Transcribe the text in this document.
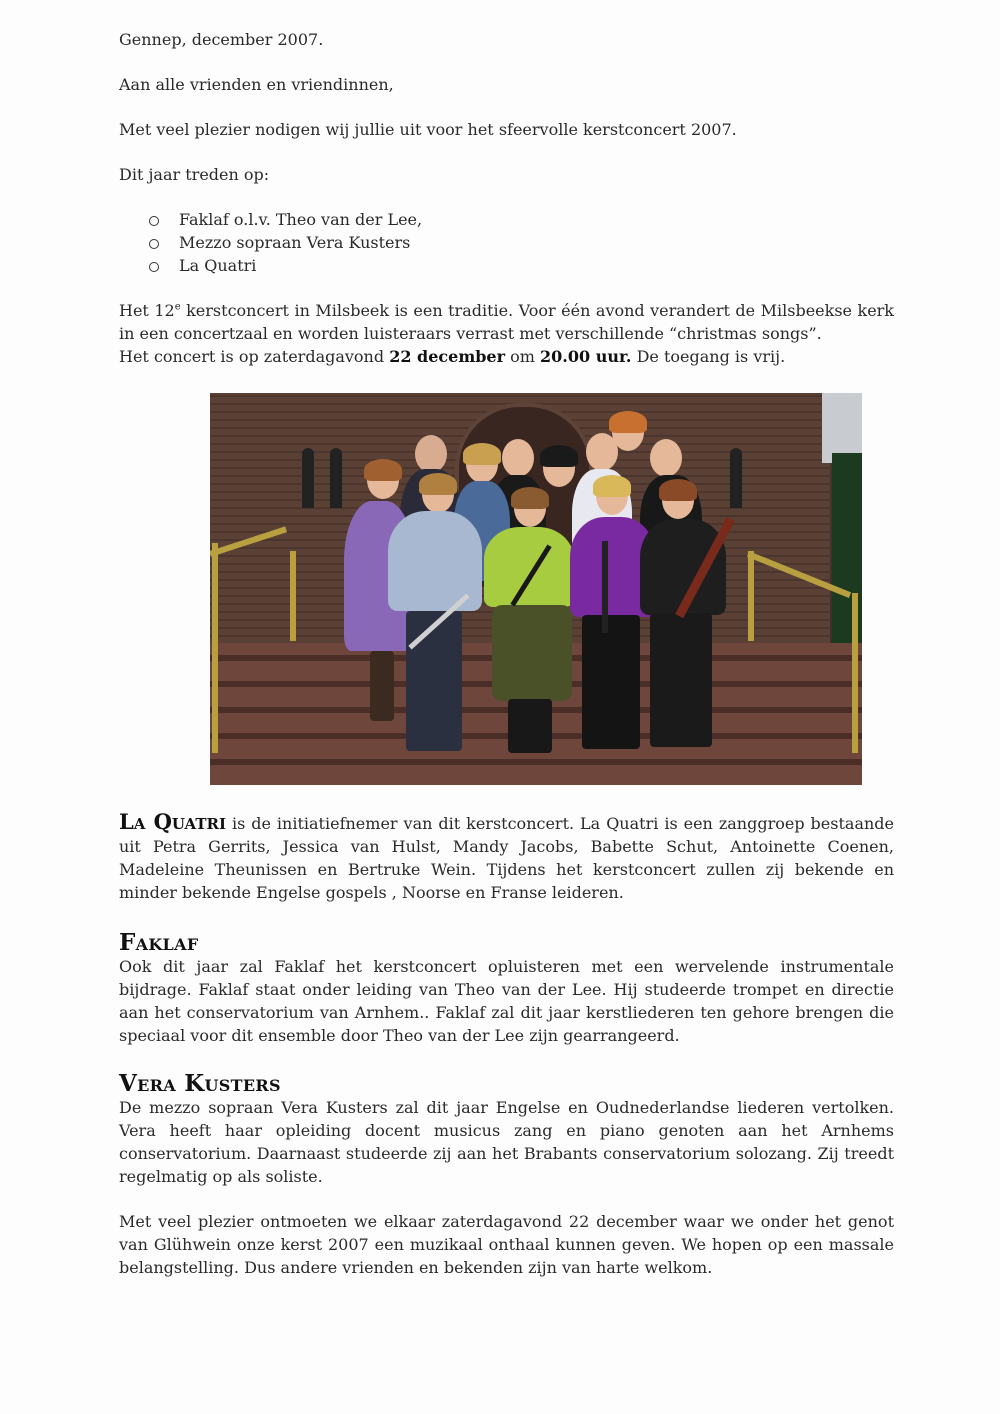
Gennep, december 2007.

Aan alle vrienden en vriendinnen,

Met veel plezier nodigen wij jullie uit voor het sfeervolle kerstconcert 2007.

Dit jaar treden op:

Faklaf o.l.v. Theo van der Lee,
Mezzo sopraan Vera Kusters
La Quatri

Het 12e kerstconcert in Milsbeek is een traditie. Voor één avond verandert de Milsbeekse kerk in een concertzaal en worden luisteraars verrast met verschillende “christmas songs”.

Het concert is op zaterdagavond 22 december om 20.00 uur. De toegang is vrij.

La Quatri is de initiatiefnemer van dit kerstconcert. La Quatri is een zanggroep bestaande uit Petra Gerrits, Jessica van Hulst, Mandy Jacobs, Babette Schut, Antoinette Coenen, Madeleine Theunissen en Bertruke Wein. Tijdens het kerstconcert zullen zij bekende en minder bekende Engelse gospels , Noorse en Franse leideren.

Faklaf

Ook dit jaar zal Faklaf het kerstconcert opluisteren met een wervelende instrumentale bijdrage. Faklaf staat onder leiding van Theo van der Lee. Hij studeerde trompet en directie aan het conservatorium van Arnhem.. Faklaf zal dit jaar kerstliederen ten gehore brengen die speciaal voor dit ensemble door Theo van der Lee zijn gearrangeerd.

Vera Kusters

De mezzo sopraan Vera Kusters zal dit jaar Engelse en Oudnederlandse liederen vertolken. Vera heeft haar opleiding docent musicus zang en piano genoten aan het Arnhems conservatorium. Daarnaast studeerde zij aan het Brabants conservatorium solozang. Zij treedt regelmatig op als soliste.

Met veel plezier ontmoeten we elkaar zaterdagavond 22 december waar we onder het genot van Glühwein onze kerst 2007 een muzikaal onthaal kunnen geven. We hopen op een massale belangstelling. Dus andere vrienden en bekenden zijn van harte welkom.
